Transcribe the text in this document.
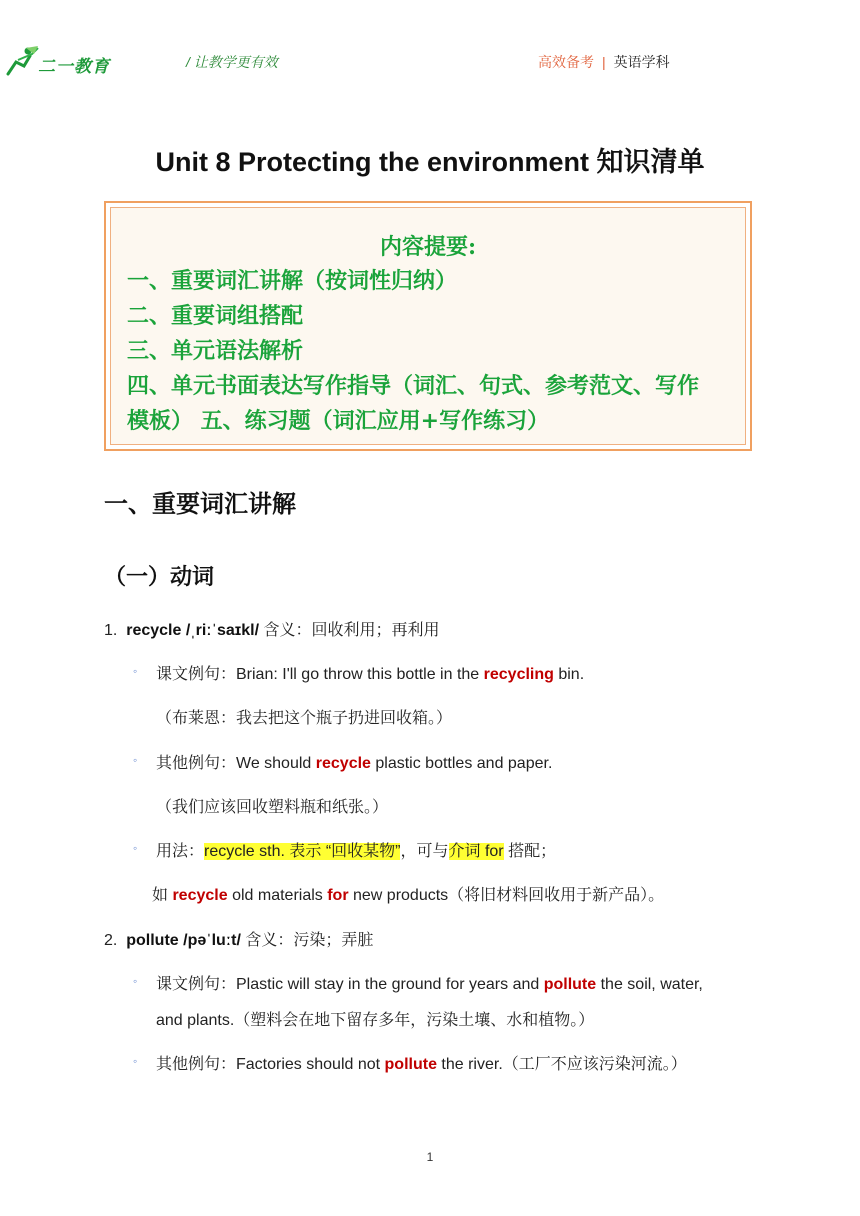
二一教育	/ 让教学更有效	高效备考 | 英语学科
Unit 8 Protecting the environment 知识清单
内容提要:
一、重要词汇讲解（按词性归纳）
二、重要词组搭配
三、单元语法解析
四、单元书面表达写作指导（词汇、句式、参考范文、写作
模板） 五、练习题（词汇应用+写作练习）
一、重要词汇讲解
（一）动词
1. recycle /ˌriːˈsaɪkl/ 含义：回收利用；再利用
◦ 课文例句：Brian: I'll go throw this bottle in the recycling bin.
（布莱恩：我去把这个瓶子扔进回收箱。）
◦ 其他例句：We should recycle plastic bottles and paper.
（我们应该回收塑料瓶和纸张。）
◦ 用法：recycle sth. 表示 “回收某物”，可与介词 for 搭配；
如 recycle old materials for new products（将旧材料回收用于新产品）。
2. pollute /pəˈluːt/ 含义：污染；弄脏
◦ 课文例句：Plastic will stay in the ground for years and pollute the soil, water,
and plants.（塑料会在地下留存多年，污染土壤、水和植物。）
◦ 其他例句：Factories should not pollute the river.（工厂不应该污染河流。）
1
